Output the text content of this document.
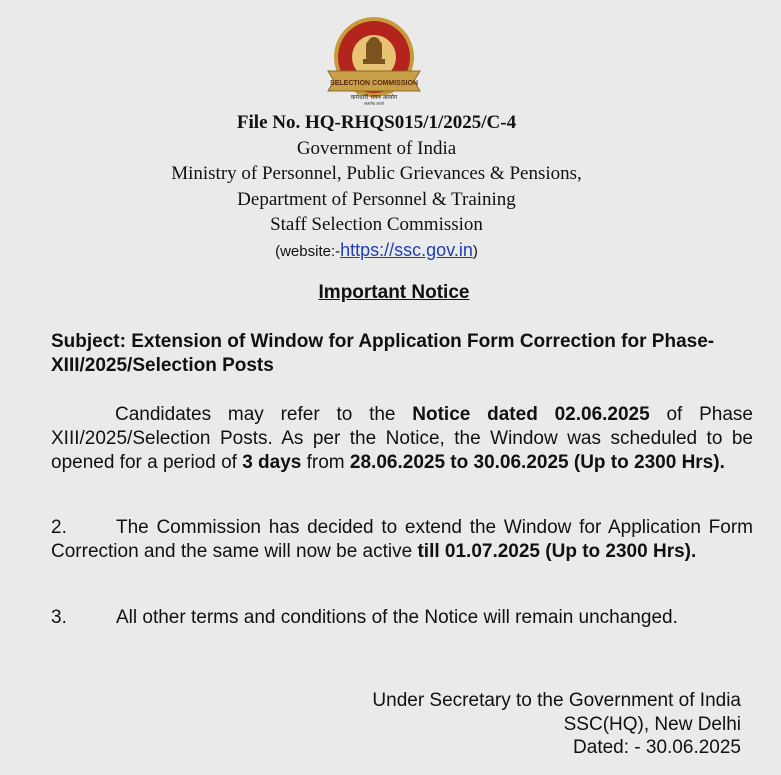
SELECTION COMMISSION
कर्मचारी चयन आयोग
सत्यमेव जयते
File No. HQ-RHQS015/1/2025/C-4
Government of India
Ministry of Personnel, Public Grievances & Pensions,
Department of Personnel & Training
Staff Selection Commission
(website:-https://ssc.gov.in)
Important Notice
Subject: Extension of Window for Application Form Correction for Phase-XIII/2025/Selection Posts
Candidates may refer to the Notice dated 02.06.2025 of Phase XIII/2025/Selection Posts. As per the Notice, the Window was scheduled to be opened for a period of 3 days from 28.06.2025 to 30.06.2025 (Up to 2300 Hrs).
2.	The Commission has decided to extend the Window for Application Form Correction and the same will now be active till 01.07.2025 (Up to 2300 Hrs).
3.	All other terms and conditions of the Notice will remain unchanged.
Under Secretary to the Government of India
SSC(HQ), New Delhi
Dated: - 30.06.2025
